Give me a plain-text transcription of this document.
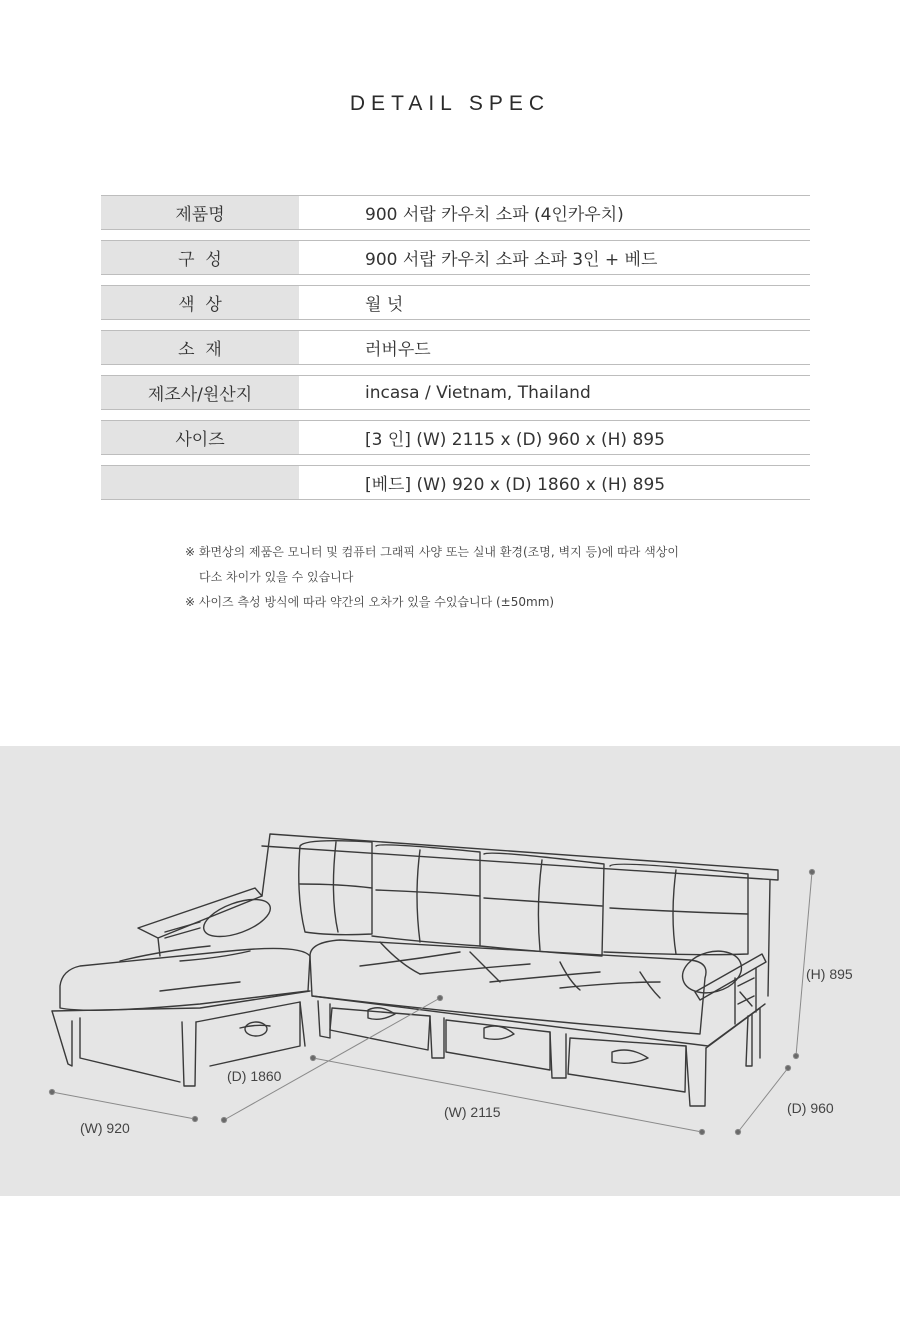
DETAIL SPEC
제품명	900 서랍 카우치 소파 (4인카우치)
구  성	900 서랍 카우치 소파 소파 3인 + 베드
색  상	월 넛
소  재	러버우드
제조사/원산지	incasa / Vietnam, Thailand
사이즈	[3 인] (W) 2115 x (D) 960 x (H) 895
[베드] (W) 920 x (D) 1860 x (H) 895
※ 화면상의 제품은 모니터 및 컴퓨터 그래픽 사양 또는 실내 환경(조명, 벽지 등)에 따라 색상이
다소 차이가 있을 수 있습니다
※ 사이즈 측성 방식에 따라 약간의 오차가 있을 수있습니다 (±50mm)
(H) 895
(D) 960
(W) 2115
(D) 1860
(W) 920
